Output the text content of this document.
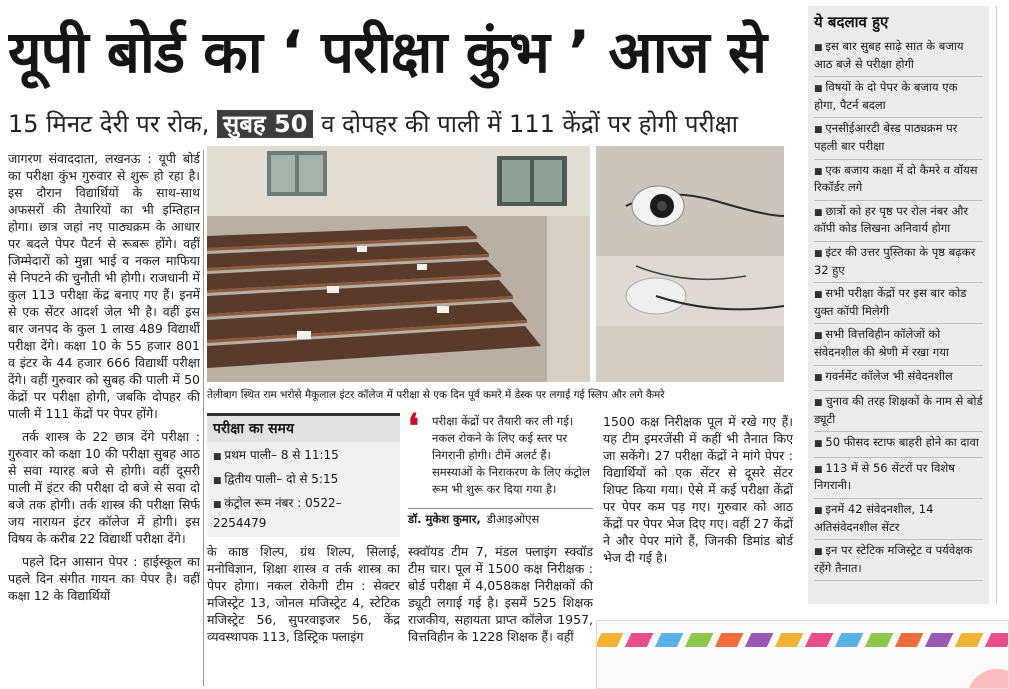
यूपी बोर्ड का ‘ परीक्षा कुंभ ’ आज से
15 मिनट देरी पर रोक, सुबह 50 व दोपहर की पाली में 111 केंद्रों पर होगी परीक्षा

जागरण संवाददाता, लखनऊ : यूपी बोर्ड का परीक्षा कुंभ गुरुवार से शुरू हो रहा है। इस दौरान विद्यार्थियों के साथ-साथ अफसरों की तैयारियों का भी इम्तिहान होगा। छात्र जहां नए पाठ्यक्रम के आधार पर बदले पेपर पैटर्न से रूबरू होंगे। वहीं जिम्मेदारों को मुन्ना भाई व नकल माफिया से निपटने की चुनौती भी होगी। राजधानी में कुल 113 परीक्षा केंद्र बनाए गए हैं। इनमें से एक सेंटर आदर्श जेल भी है। वहीं इस बार जनपद के कुल 1 लाख 489 विद्यार्थी परीक्षा देंगे। कक्षा 10 के 55 हजार 801 व इंटर के 44 हजार 666 विद्यार्थी परीक्षा देंगे। वहीं गुरुवार को सुबह की पाली में 50 केंद्रों पर परीक्षा होगी, जबकि दोपहर की पाली में 111 केंद्रों पर पेपर होंगे।

तर्क शास्त्र के 22 छात्र देंगे परीक्षा : गुरुवार को कक्षा 10 की परीक्षा सुबह आठ से सवा ग्यारह बजे से होगी। वहीं दूसरी पाली में इंटर की परीक्षा दो बजे से सवा दो बजे तक होगी। तर्क शास्त्र की परीक्षा सिर्फ जय नारायन इंटर कॉलेज में होगी। इस विषय के करीब 22 विद्यार्थी परीक्षा देंगे।

पहले दिन आसान पेपर : हाईस्कूल का पहले दिन संगीत गायन का पेपर है। वहीं कक्षा 12 के विद्यार्थियों

तेलीबाग स्थित राम भरोसे मैकूलाल इंटर कॉलेज में परीक्षा से एक दिन पूर्व कमरे में डेस्क पर लगाई गई स्लिप और लगे कैमरे
परीक्षा का समय
■ प्रथम पाली– 8 से 11:15
■ द्वितीय पाली– दो से 5:15
■ कंट्रोल रूम नंबर : 0522–2254479

के काष्ठ शिल्प, ग्रंथ शिल्प, सिलाई, मनोविज्ञान, शिक्षा शास्त्र व तर्क शास्त्र का पेपर होगा। नकल रोकेगी टीम : सेक्टर मजिस्ट्रेट 13, जोनल मजिस्ट्रेट 4, स्टेटिक मजिस्ट्रेट 56, सुपरवाइजर 56, केंद्र व्यवस्थापक 113, डिस्ट्रिक फ्लाइंग

❛ परीक्षा केंद्रों पर तैयारी कर ली गई। नकल रोकने के लिए कई स्तर पर निगरानी होगी। टीमें अलर्ट हैं। समस्याओं के निराकरण के लिए कंट्रोल रूम भी शुरू कर दिया गया है।
डॉ. मुकेश कुमार, डीआइओएस

स्क्वॉयड टीम 7, मंडल फ्लाइंग स्क्वॉड टीम चार। पूल में 1500 कक्ष निरीक्षक : बोर्ड परीक्षा में 4,058कक्ष निरीक्षकों की ड्यूटी लगाई गई है। इसमें 525 शिक्षक राजकीय, सहायता प्राप्त कॉलेज 1957, वित्तविहीन के 1228 शिक्षक हैं। वहीं

1500 कक्ष निरीक्षक पूल में रखे गए हैं। यह टीम इमरजेंसी में कहीं भी तैनात किए जा सकेंगे। 27 परीक्षा केंद्रों ने मांगे पेपर : विद्यार्थियों को एक सेंटर से दूसरे सेंटर शिफ्ट किया गया। ऐसे में कई परीक्षा केंद्रों पर पेपर कम पड़ गए। गुरुवार को आठ केंद्रों पर पेपर भेज दिए गए। वहीं 27 केंद्रों ने और पेपर मांगे हैं, जिनकी डिमांड बोर्ड भेज दी गई है।

ये बदलाव हुए
■ इस बार सुबह साढ़े सात के बजाय आठ बजे से परीक्षा होगी
■ विषयों के दो पेपर के बजाय एक होगा, पैटर्न बदला
■ एनसीईआरटी बेस्ड पाठ्यक्रम पर पहली बार परीक्षा
■ एक बजाय कक्षा में दो कैमरे व वॉयस रिकॉर्डर लगे
■ छात्रों को हर पृष्ठ पर रोल नंबर और कॉपी कोड लिखना अनिवार्य होगा
■ इंटर की उत्तर पुस्तिका के पृष्ठ बढ़कर 32 हुए
■ सभी परीक्षा केंद्रों पर इस बार कोड युक्त कॉपी मिलेगी
■ सभी वित्तविहीन कॉलेजों को संवेदनशील की श्रेणी में रखा गया
■ गवर्नमेंट कॉलेज भी संवेदनशील
■ चुनाव की तरह शिक्षकों के नाम से बोर्ड ड्यूटी
■ 50 फीसद स्टाफ बाहरी होने का दावा
■ 113 में से 56 सेंटरों पर विशेष निगरानी।
■ इनमें 42 संवेदनशील, 14 अतिसंवेदनशील सेंटर
■ इन पर स्टेटिक मजिस्ट्रेट व पर्यवेक्षक रहेंगे तैनात।
